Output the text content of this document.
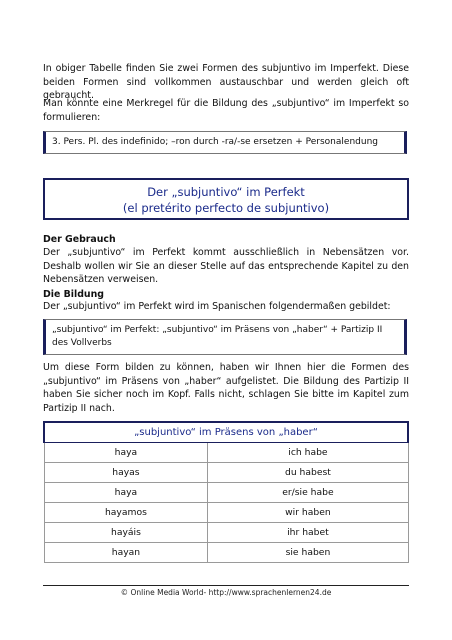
In obiger Tabelle finden Sie zwei Formen des subjuntivo im Imperfekt. Diese beiden Formen sind vollkommen austauschbar und werden gleich oft gebraucht.

Man könnte eine Merkregel für die Bildung des „subjuntivo“ im Imperfekt so formulieren:

3. Pers. Pl. des indefinido; –ron durch -ra/-se ersetzen + Personalendung
Der „subjuntivo“ im Perfekt
(el pretérito perfecto de subjuntivo)

Der Gebrauch

Der „subjuntivo“ im Perfekt kommt ausschließlich in Nebensätzen vor. Deshalb wollen wir Sie an dieser Stelle auf das entsprechende Kapitel zu den Nebensätzen verweisen.

Die Bildung

Der „subjuntivo“ im Perfekt wird im Spanischen folgendermaßen gebildet:

„subjuntivo“ im Perfekt: „subjuntivo“ im Präsens von „haber“ + Partizip II des Vollverbs

Um diese Form bilden zu können, haben wir Ihnen hier die Formen des „subjuntivo“ im Präsens von „haber“ aufgelistet. Die Bildung des Partizip II haben Sie sicher noch im Kopf. Falls nicht, schlagen Sie bitte im Kapitel zum Partizip II nach.

„subjuntivo“ im Präsens von „haber“	
haya	ich habe
hayas	du habest
haya	er/sie habe
hayamos	wir haben
hayáis	ihr habet
hayan	sie haben
© Online Media World- http://www.sprachenlernen24.de
